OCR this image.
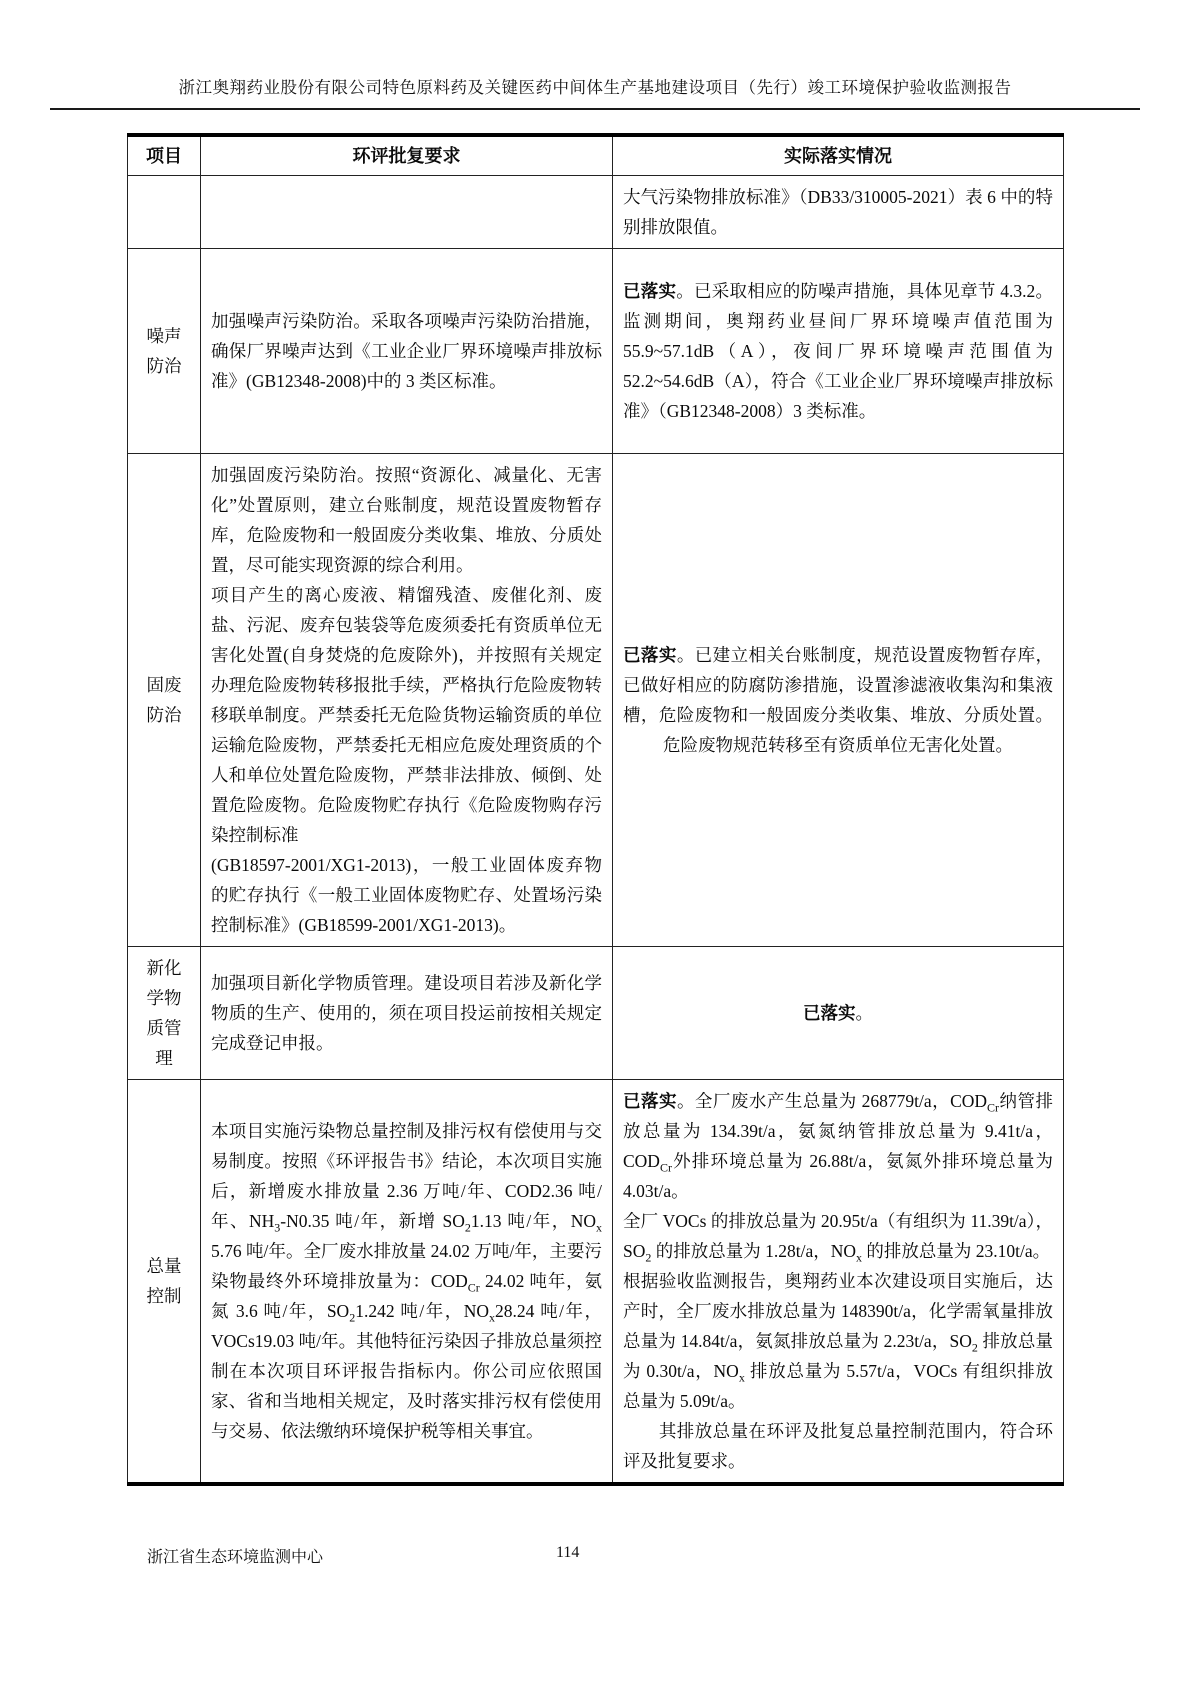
浙江奥翔药业股份有限公司特色原料药及关键医药中间体生产基地建设项目（先行）竣工环境保护验收监测报告
项目	环评批复要求	实际落实情况
		大气污染物排放标准》（DB33/310005-2021）表 6 中的特别排放限值。
噪声防治	加强噪声污染防治。采取各项噪声污染防治措施，确保厂界噪声达到《工业企业厂界环境噪声排放标准》(GB12348-2008)中的 3 类区标准。	已落实。已采取相应的防噪声措施，具体见章节 4.3.2。监测期间，奥翔药业昼间厂界环境噪声值范围为 55.9~57.1dB（A），夜间厂界环境噪声范围值为 52.2~54.6dB（A），符合《工业企业厂界环境噪声排放标准》（GB12348-2008）3 类标准。
固废防治	加强固废污染防治。按照“资源化、减量化、无害化”处置原则，建立台账制度，规范设置废物暂存库，危险废物和一般固废分类收集、堆放、分质处置，尽可能实现资源的综合利用。
项目产生的离心废液、精馏残渣、废催化剂、废盐、污泥、废弃包装袋等危废须委托有资质单位无害化处置(自身焚烧的危废除外)，并按照有关规定办理危险废物转移报批手续，严格执行危险废物转移联单制度。严禁委托无危险货物运输资质的单位运输危险废物，严禁委托无相应危废处理资质的个人和单位处置危险废物，严禁非法排放、倾倒、处置危险废物。危险废物贮存执行《危险废物购存污染控制标准
(GB18597-2001/XG1-2013)，一般工业固体废弃物的贮存执行《一般工业固体废物贮存、处置场污染控制标准》(GB18599-2001/XG1-2013)。	已落实。已建立相关台账制度，规范设置废物暂存库，已做好相应的防腐防渗措施，设置渗滤液收集沟和集液槽，危险废物和一般固废分类收集、堆放、分质处置。危险废物规范转移至有资质单位无害化处置。
新化学物质管理	加强项目新化学物质管理。建设项目若涉及新化学物质的生产、使用的，须在项目投运前按相关规定完成登记申报。	已落实。
总量控制	本项目实施污染物总量控制及排污权有偿使用与交易制度。按照《环评报告书》结论，本次项目实施后，新增废水排放量 2.36 万吨/年、COD2.36 吨/年、$NH_3-N0.35$ 吨/年，新增 $SO_21.13$ 吨/年，$NO_x$ 5.76 吨/年。全厂废水排放量 24.02 万吨/年，主要污染物最终外环境排放量为：$COD_{Cr}$ 24.02 吨年，氨氮 3.6 吨/年，$SO_21.242$ 吨/年，$NO_x28.24$ 吨/年，VOCs19.03 吨/年。其他特征污染因子排放总量须控制在本次项目环评报告指标内。你公司应依照国家、省和当地相关规定，及时落实排污权有偿使用与交易、依法缴纳环境保护税等相关事宜。	已落实。全厂废水产生总量为 268779t/a，$COD_{Cr}$纳管排放总量为 134.39t/a，氨氮纳管排放总量为 9.41t/a，$COD_{Cr}$外排环境总量为 26.88t/a，氨氮外排环境总量为 4.03t/a。
全厂 VOCs 的排放总量为 20.95t/a（有组织为 11.39t/a），$SO_2$ 的排放总量为 1.28t/a，$NO_x$ 的排放总量为 23.10t/a。
根据验收监测报告，奥翔药业本次建设项目实施后，达产时，全厂废水排放总量为 148390t/a，化学需氧量排放总量为 14.84t/a，氨氮排放总量为 2.23t/a，$SO_2$ 排放总量为 0.30t/a，$NO_x$ 排放总量为 5.57t/a，VOCs 有组织排放总量为 5.09t/a。
　　其排放总量在环评及批复总量控制范围内，符合环评及批复要求。
浙江省生态环境监测中心	114
